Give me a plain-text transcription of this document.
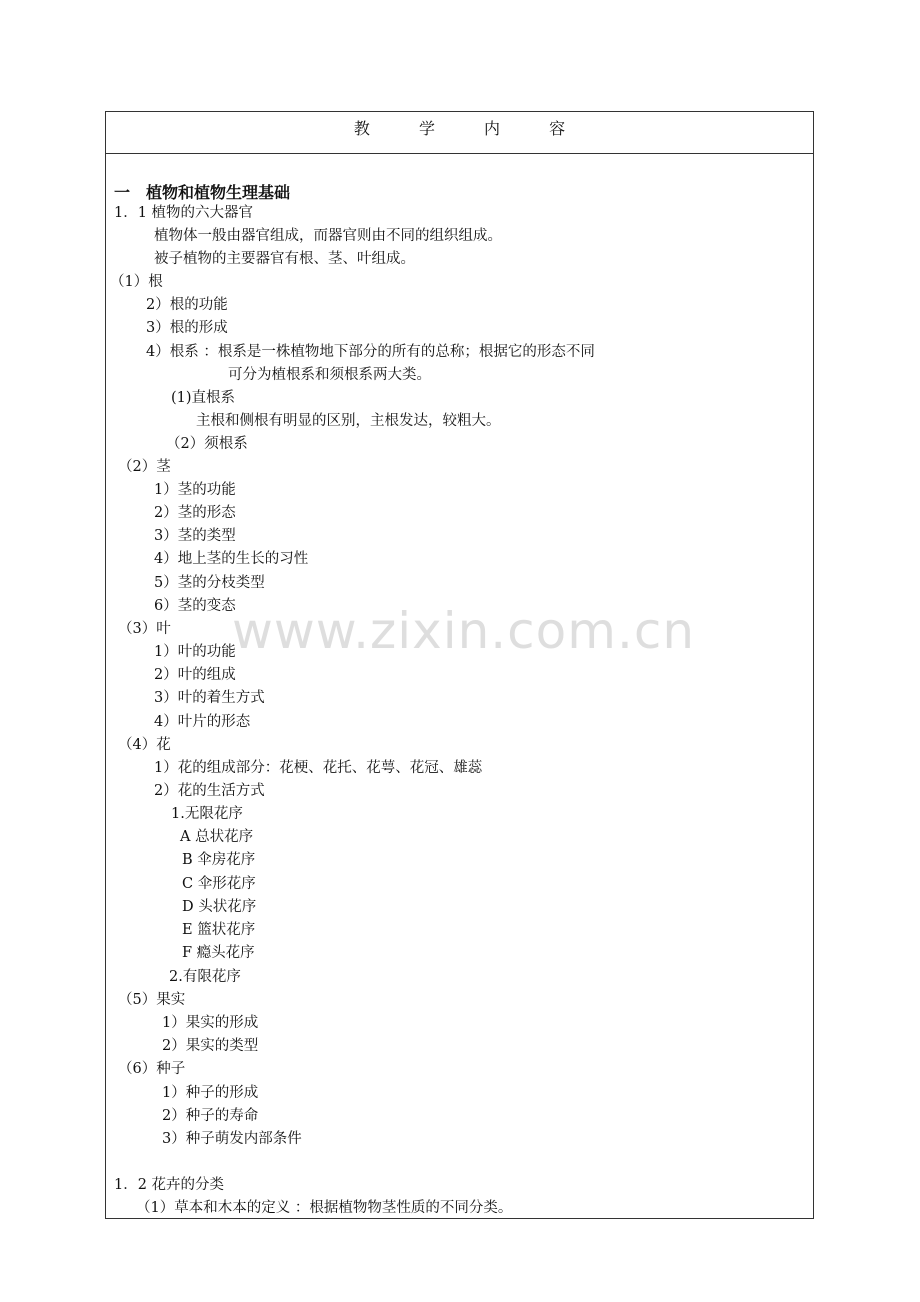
教 学 内 容
一　植物和植物生理基础
1．1 植物的六大器官
植物体一般由器官组成，而器官则由不同的组织组成。
被子植物的主要器官有根、茎、叶组成。
（1）根
2）根的功能
3）根的形成
4）根系 ：根系是一株植物地下部分的所有的总称；根据它的形态不同
可分为植根系和须根系两大类。
(1)直根系
主根和侧根有明显的区别，主根发达，较粗大。
（2）须根系
（2）茎
1）茎的功能
2）茎的形态
3）茎的类型
4）地上茎的生长的习性
5）茎的分枝类型
6）茎的变态
（3）叶
1）叶的功能
2）叶的组成
3）叶的着生方式
4）叶片的形态
（4）花
1）花的组成部分：花梗、花托、花萼、花冠、雄蕊
2）花的生活方式
1.无限花序
A 总状花序
B 伞房花序
C 伞形花序
D 头状花序
E 篮状花序
F 瘾头花序
2.有限花序
（5）果实
1）果实的形成
2）果实的类型
（6）种子
1）种子的形成
2）种子的寿命
3）种子萌发内部条件
1．2 花卉的分类
（1）草本和木本的定义 ：根据植物物茎性质的不同分类。
www.zixin.com.cn
